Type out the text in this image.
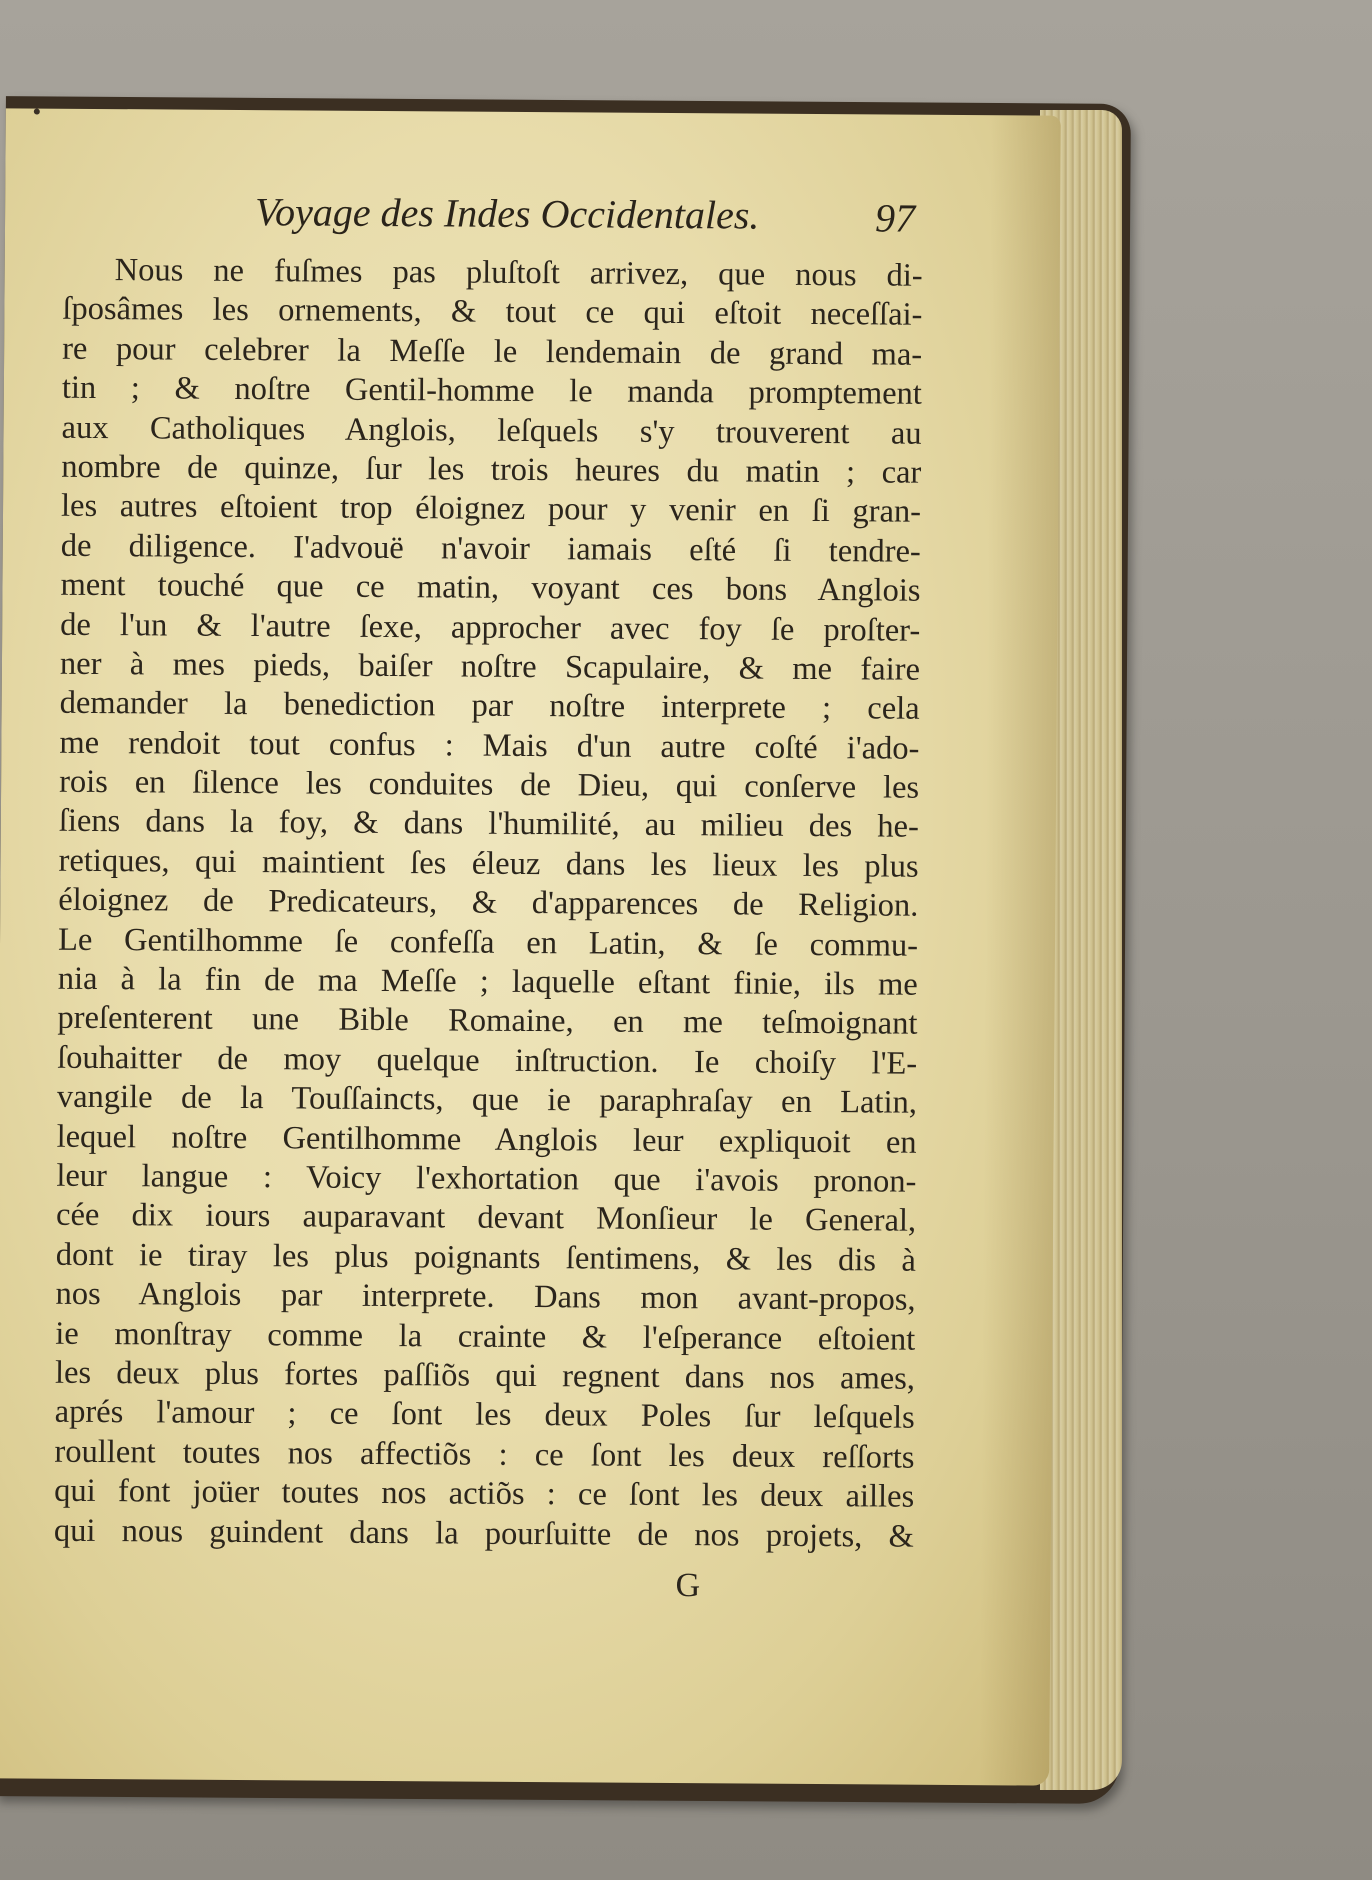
Voyage des Indes Occidentales.	97
Nous ne fuſmes pas pluſtoſt arrivez, que nous di-
ſposâmes les ornements, & tout ce qui eſtoit neceſſai-
re pour celebrer la Meſſe le lendemain de grand ma-
tin ; & noſtre Gentil-homme le manda promptement
aux Catholiques Anglois, leſquels s'y trouverent au
nombre de quinze, ſur les trois heures du matin ; car
les autres eſtoient trop éloignez pour y venir en ſi gran-
de diligence. I'advouë n'avoir iamais eſté ſi tendre-
ment touché que ce matin, voyant ces bons Anglois
de l'un & l'autre ſexe, approcher avec foy ſe proſter-
ner à mes pieds, baiſer noſtre Scapulaire, & me faire
demander la benediction par noſtre interprete ; cela
me rendoit tout confus : Mais d'un autre coſté i'ado-
rois en ſilence les conduites de Dieu, qui conſerve les
ſiens dans la foy, & dans l'humilité, au milieu des he-
retiques, qui maintient ſes éleuz dans les lieux les plus
éloignez de Predicateurs, & d'apparences de Religion.
Le Gentilhomme ſe confeſſa en Latin, & ſe commu-
nia à la fin de ma Meſſe ; laquelle eſtant finie, ils me
preſenterent une Bible Romaine, en me teſmoignant
ſouhaitter de moy quelque inſtruction. Ie choiſy l'E-
vangile de la Touſſaincts, que ie paraphraſay en Latin,
lequel noſtre Gentilhomme Anglois leur expliquoit en
leur langue : Voicy l'exhortation que i'avois pronon-
cée dix iours auparavant devant Monſieur le General,
dont ie tiray les plus poignants ſentimens, & les dis à
nos Anglois par interprete. Dans mon avant-propos,
ie monſtray comme la crainte & l'eſperance eſtoient
les deux plus fortes paſſiõs qui regnent dans nos ames,
aprés l'amour ; ce ſont les deux Poles ſur leſquels
roullent toutes nos affectiõs : ce ſont les deux reſſorts
qui font joüer toutes nos actiõs : ce ſont les deux ailles
qui nous guindent dans la pourſuitte de nos projets, &
G
